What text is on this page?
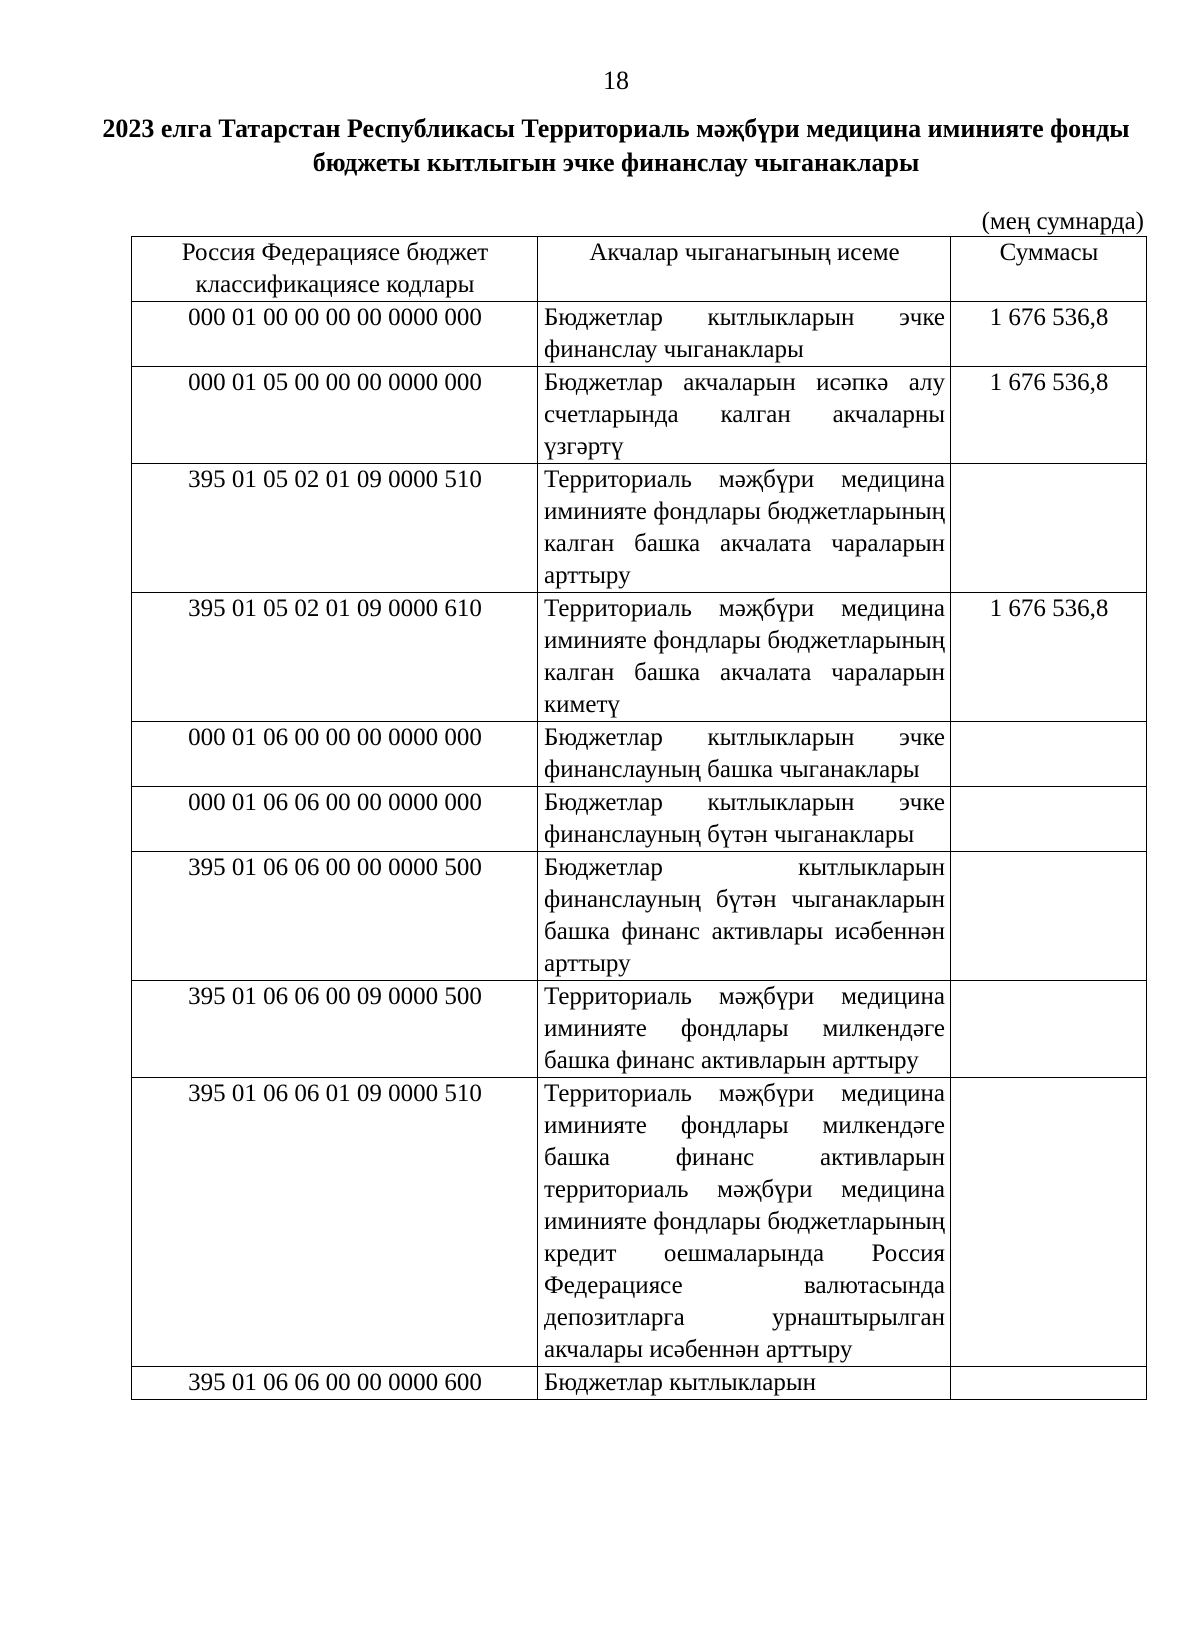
18
2023 елга Татарстан Республикасы Территориаль мәҗбүри медицина иминияте фонды бюджеты кытлыгын эчке финанслау чыганаклары
(мең сумнарда)
Россия Федерациясе бюджет классификациясе кодлары	Акчалар чыганагының исеме	Суммасы
000 01 00 00 00 00 0000 000	Бюджетлар кытлыкларын эчке финанслау чыганаклары	1 676 536,8
000 01 05 00 00 00 0000 000	Бюджетлар акчаларын исәпкә алу счетларында калган акчаларны үзгәртү	1 676 536,8
395 01 05 02 01 09 0000 510	Территориаль мәҗбүри медицина иминияте фондлары бюджетларының калган башка акчалата чараларын арттыру	
395 01 05 02 01 09 0000 610	Территориаль мәҗбүри медицина иминияте фондлары бюджетларының калган башка акчалата чараларын киметү	1 676 536,8
000 01 06 00 00 00 0000 000	Бюджетлар кытлыкларын эчке финанслауның башка чыганаклары	
000 01 06 06 00 00 0000 000	Бюджетлар кытлыкларын эчке финанслауның бүтән чыганаклары	
395 01 06 06 00 00 0000 500	Бюджетлар кытлыкларын финанслауның бүтән чыганакларын башка финанс активлары исәбеннән арттыру	
395 01 06 06 00 09 0000 500	Территориаль мәҗбүри медицина иминияте фондлары милкендәге башка финанс активларын арттыру	
395 01 06 06 01 09 0000 510	Территориаль мәҗбүри медицина иминияте фондлары милкендәге башка финанс активларын территориаль мәҗбүри медицина иминияте фондлары бюджетларының кредит оешмаларында Россия Федерациясе валютасында депозитларга урнаштырылган акчалары исәбеннән арттыру	
395 01 06 06 00 00 0000 600	Бюджетлар кытлыкларын	
